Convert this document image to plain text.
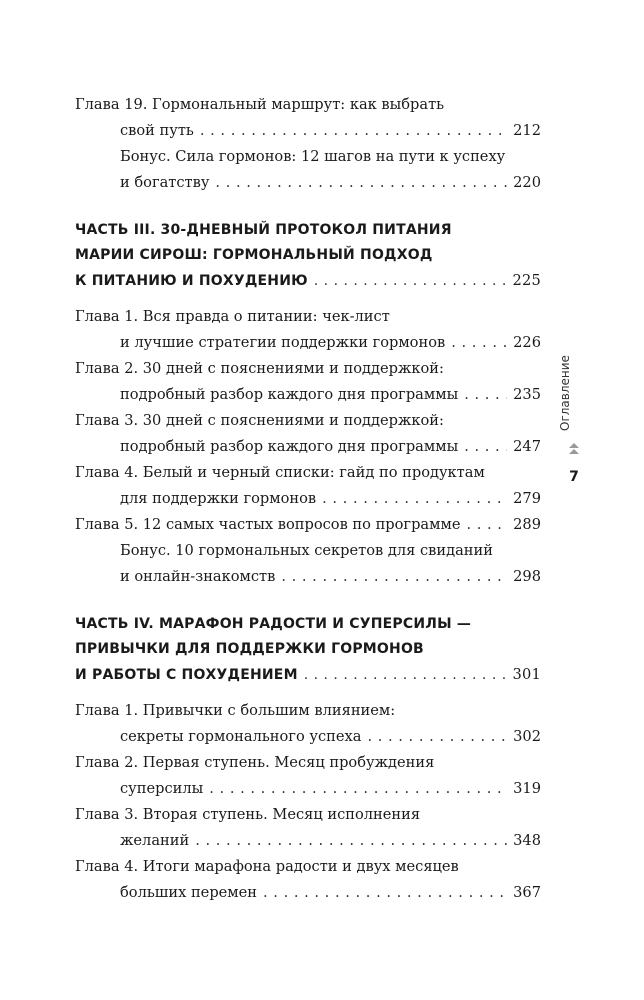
Глава 19. Гормональный маршрут: как выбрать
свой путь . .	212
Бонус. Сила гормонов: 12 шагов на пути к успеху
и богатству . .	220
ЧАСТЬ III. 30-ДНЕВНЫЙ ПРОТОКОЛ ПИТАНИЯ
МАРИИ СИРОШ: ГОРМОНАЛЬНЫЙ ПОДХОД
К ПИТАНИЮ И ПОХУДЕНИЮ . .	225
Глава 1. Вся правда о питании: чек-лист
и лучшие стратегии поддержки гормонов . .	226
Глава 2. 30 дней с пояснениями и поддержкой:
подробный разбор каждого дня программы . .	235
Глава 3. 30 дней с пояснениями и поддержкой:
подробный разбор каждого дня программы . .	247
Глава 4. Белый и черный списки: гайд по продуктам
для поддержки гормонов . .	279
Глава 5. 12 самых частых вопросов по программе . .	289
Бонус. 10 гормональных секретов для свиданий
и онлайн-знакомств . .	298
ЧАСТЬ IV. МАРАФОН РАДОСТИ И СУПЕРСИЛЫ —
ПРИВЫЧКИ ДЛЯ ПОДДЕРЖКИ ГОРМОНОВ
И РАБОТЫ С ПОХУДЕНИЕМ . .	301
Глава 1. Привычки с большим влиянием:
секреты гормонального успеха . .	302
Глава 2. Первая ступень. Месяц пробуждения
суперсилы . .	319
Глава 3. Вторая ступень. Месяц исполнения
желаний . .	348
Глава 4. Итоги марафона радости и двух месяцев
больших перемен . .	367
Оглавление
7
